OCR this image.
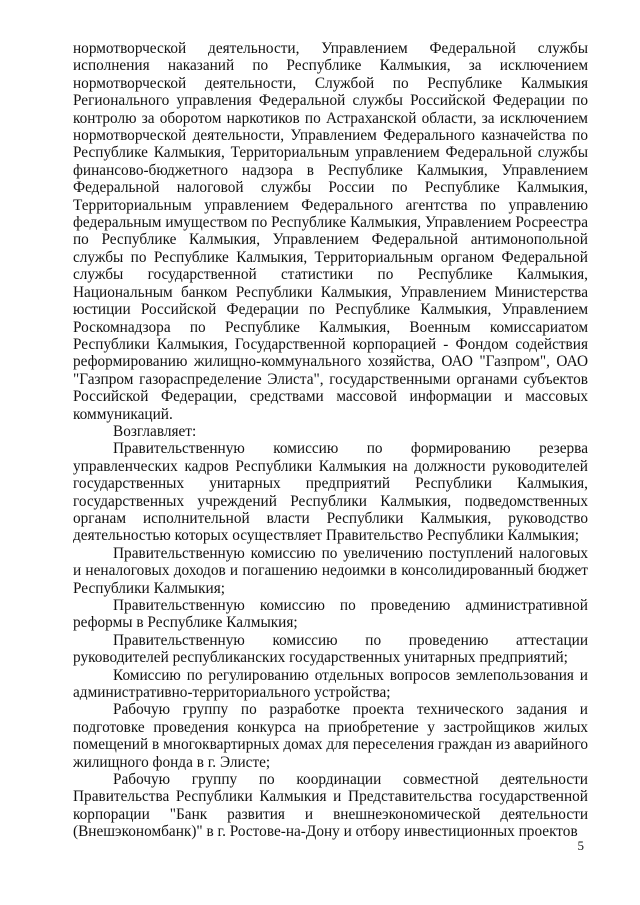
нормотворческой деятельности, Управлением Федеральной службы исполнения наказаний по Республике Калмыкия, за исключением нормотворческой деятельности, Службой по Республике Калмыкия Регионального управления Федеральной службы Российской Федерации по контролю за оборотом наркотиков по Астраханской области, за исключением нормотворческой деятельности, Управлением Федерального казначейства по Республике Калмыкия, Территориальным управлением Федеральной службы финансово-бюджетного надзора в Республике Калмыкия, Управлением Федеральной налоговой службы России по Республике Калмыкия, Территориальным управлением Федерального агентства по управлению федеральным имуществом по Республике Калмыкия, Управлением Росреестра по Республике Калмыкия, Управлением Федеральной антимонопольной службы по Республике Калмыкия, Территориальным органом Федеральной службы государственной статистики по Республике Калмыкия, Национальным банком Республики Калмыкия, Управлением Министерства юстиции Российской Федерации по Республике Калмыкия, Управлением Роскомнадзора по Республике Калмыкия, Военным комиссариатом Республики Калмыкия, Государственной корпорацией - Фондом содействия реформированию жилищно-коммунального хозяйства, ОАО "Газпром", ОАО "Газпром газораспределение Элиста", государственными органами субъектов Российской Федерации, средствами массовой информации и массовых коммуникаций.

Возглавляет:

Правительственную комиссию по формированию резерва управленческих кадров Республики Калмыкия на должности руководителей государственных унитарных предприятий Республики Калмыкия, государственных учреждений Республики Калмыкия, подведомственных органам исполнительной власти Республики Калмыкия, руководство деятельностью которых осуществляет Правительство Республики Калмыкия;

Правительственную комиссию по увеличению поступлений налоговых и неналоговых доходов и погашению недоимки в консолидированный бюджет Республики Калмыкия;

Правительственную комиссию по проведению административной реформы в Республике Калмыкия;

Правительственную комиссию по проведению аттестации руководителей республиканских государственных унитарных предприятий;

Комиссию по регулированию отдельных вопросов землепользования и административно-территориального устройства;

Рабочую группу по разработке проекта технического задания и подготовке проведения конкурса на приобретение у застройщиков жилых помещений в многоквартирных домах для переселения граждан из аварийного жилищного фонда в г. Элисте;

Рабочую группу по координации совместной деятельности Правительства Республики Калмыкия и Представительства государственной корпорации "Банк развития и внешнеэкономической деятельности (Внешэкономбанк)" в г. Ростове-на-Дону и отбору инвестиционных проектов

5
